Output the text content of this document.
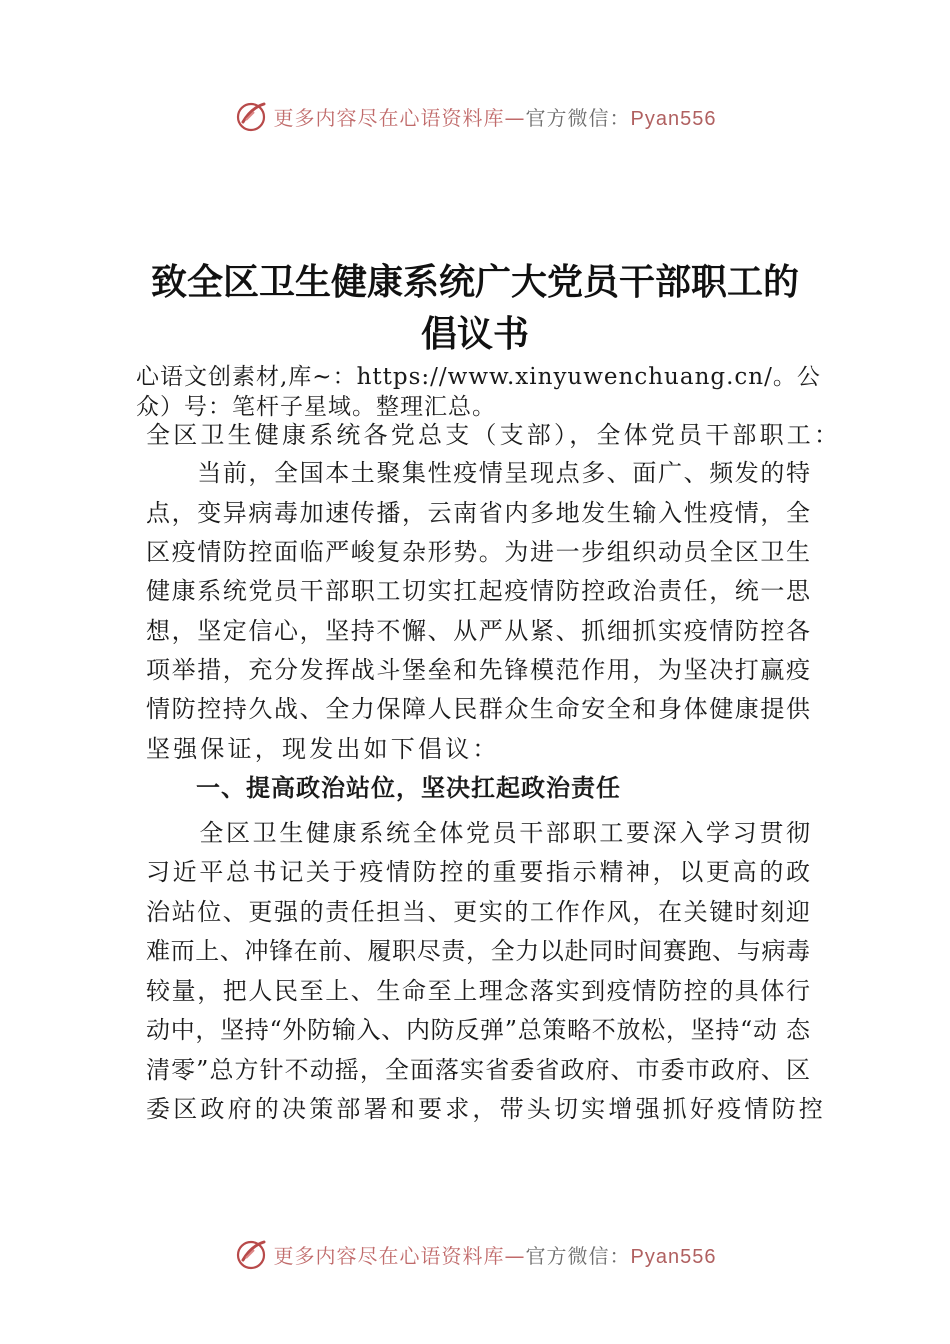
更多内容尽在心语资料库—官方微信：Pyan556
致全区卫生健康系统广大党员干部职工的
倡议书
心语文创素材,库~：https://www.xinyuwenchuang.cn/。公
众）号：笔杆子星域。整理汇总。
全区卫生健康系统各党总支（支部），全体党员干部职工：
　　当前，全国本土聚集性疫情呈现点多、面广、频发的特
点，变异病毒加速传播，云南省内多地发生输入性疫情，全
区疫情防控面临严峻复杂形势。为进一步组织动员全区卫生
健康系统党员干部职工切实扛起疫情防控政治责任，统一思
想，坚定信心，坚持不懈、从严从紧、抓细抓实疫情防控各
项举措，充分发挥战斗堡垒和先锋模范作用，为坚决打赢疫
情防控持久战、全力保障人民群众生命安全和身体健康提供
坚强保证，现发出如下倡议：
一、提高政治站位，坚决扛起政治责任
　　全区卫生健康系统全体党员干部职工要深入学习贯彻
习近平总书记关于疫情防控的重要指示精神，以更高的政
治站位、更强的责任担当、更实的工作作风，在关键时刻迎
难而上、冲锋在前、履职尽责，全力以赴同时间赛跑、与病毒
较量，把人民至上、生命至上理念落实到疫情防控的具体行
动中，坚持“外防输入、内防反弹”总策略不放松，坚持“动 态
清零”总方针不动摇，全面落实省委省政府、市委市政府、区
委区政府的决策部署和要求，带头切实增强抓好疫情防控
更多内容尽在心语资料库—官方微信：Pyan556
